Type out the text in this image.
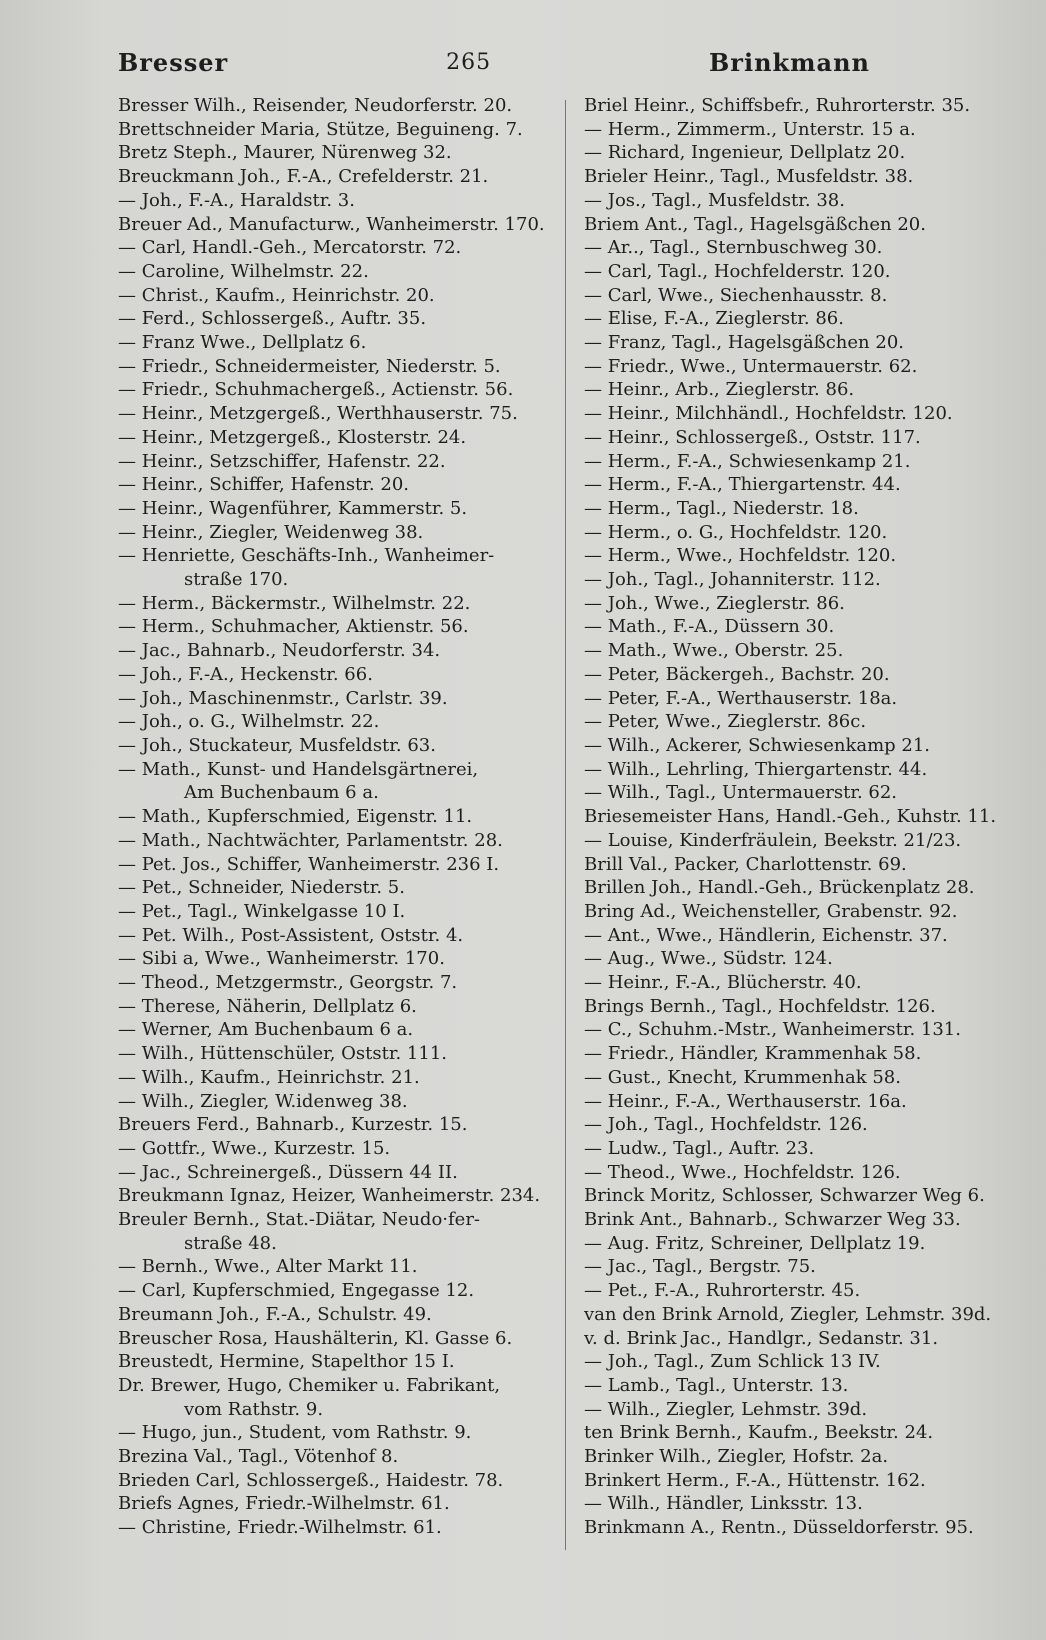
Bresser	265	Brinkmann
Bresser Wilh., Reisender, Neudorferstr. 20.
Brettschneider Maria, Stütze, Beguineng. 7.
Bretz Steph., Maurer, Nürenweg 32.
Breuckmann Joh., F.-A., Crefelderstr. 21.
— Joh., F.-A., Haraldstr. 3.
Breuer Ad., Manufacturw., Wanheimerstr. 170.
— Carl, Handl.-Geh., Mercatorstr. 72.
— Caroline, Wilhelmstr. 22.
— Christ., Kaufm., Heinrichstr. 20.
— Ferd., Schlossergeß., Auftr. 35.
— Franz Wwe., Dellplatz 6.
— Friedr., Schneidermeister, Niederstr. 5.
— Friedr., Schuhmachergeß., Actienstr. 56.
— Heinr., Metzgergeß., Werthhauserstr. 75.
— Heinr., Metzgergeß., Klosterstr. 24.
— Heinr., Setzschiffer, Hafenstr. 22.
— Heinr., Schiffer, Hafenstr. 20.
— Heinr., Wagenführer, Kammerstr. 5.
— Heinr., Ziegler, Weidenweg 38.
— Henriette, Geschäfts-Inh., Wanheimer-
straße 170.
— Herm., Bäckermstr., Wilhelmstr. 22.
— Herm., Schuhmacher, Aktienstr. 56.
— Jac., Bahnarb., Neudorferstr. 34.
— Joh., F.-A., Heckenstr. 66.
— Joh., Maschinenmstr., Carlstr. 39.
— Joh., o. G., Wilhelmstr. 22.
— Joh., Stuckateur, Musfeldstr. 63.
— Math., Kunst- und Handelsgärtnerei,
Am Buchenbaum 6 a.
— Math., Kupferschmied, Eigenstr. 11.
— Math., Nachtwächter, Parlamentstr. 28.
— Pet. Jos., Schiffer, Wanheimerstr. 236 I.
— Pet., Schneider, Niederstr. 5.
— Pet., Tagl., Winkelgasse 10 I.
— Pet. Wilh., Post-Assistent, Oststr. 4.
— Sibi a, Wwe., Wanheimerstr. 170.
— Theod., Metzgermstr., Georgstr. 7.
— Therese, Näherin, Dellplatz 6.
— Werner, Am Buchenbaum 6 a.
— Wilh., Hüttenschüler, Oststr. 111.
— Wilh., Kaufm., Heinrichstr. 21.
— Wilh., Ziegler, W.idenweg 38.
Breuers Ferd., Bahnarb., Kurzestr. 15.
— Gottfr., Wwe., Kurzestr. 15.
— Jac., Schreinergeß., Düssern 44 II.
Breukmann Ignaz, Heizer, Wanheimerstr. 234.
Breuler Bernh., Stat.-Diätar, Neudo·fer-
straße 48.
— Bernh., Wwe., Alter Markt 11.
— Carl, Kupferschmied, Engegasse 12.
Breumann Joh., F.-A., Schulstr. 49.
Breuscher Rosa, Haushälterin, Kl. Gasse 6.
Breustedt, Hermine, Stapelthor 15 I.
Dr. Brewer, Hugo, Chemiker u. Fabrikant,
vom Rathstr. 9.
— Hugo, jun., Student, vom Rathstr. 9.
Brezina Val., Tagl., Vötenhof 8.
Brieden Carl, Schlossergeß., Haidestr. 78.
Briefs Agnes, Friedr.-Wilhelmstr. 61.
— Christine, Friedr.-Wilhelmstr. 61.
Briel Heinr., Schiffsbefr., Ruhrorterstr. 35.
— Herm., Zimmerm., Unterstr. 15 a.
— Richard, Ingenieur, Dellplatz 20.
Brieler Heinr., Tagl., Musfeldstr. 38.
— Jos., Tagl., Musfeldstr. 38.
Briem Ant., Tagl., Hagelsgäßchen 20.
— Ar.., Tagl., Sternbuschweg 30.
— Carl, Tagl., Hochfelderstr. 120.
— Carl, Wwe., Siechenhausstr. 8.
— Elise, F.-A., Zieglerstr. 86.
— Franz, Tagl., Hagelsgäßchen 20.
— Friedr., Wwe., Untermauerstr. 62.
— Heinr., Arb., Zieglerstr. 86.
— Heinr., Milchhändl., Hochfeldstr. 120.
— Heinr., Schlossergeß., Oststr. 117.
— Herm., F.-A., Schwiesenkamp 21.
— Herm., F.-A., Thiergartenstr. 44.
— Herm., Tagl., Niederstr. 18.
— Herm., o. G., Hochfeldstr. 120.
— Herm., Wwe., Hochfeldstr. 120.
— Joh., Tagl., Johanniterstr. 112.
— Joh., Wwe., Zieglerstr. 86.
— Math., F.-A., Düssern 30.
— Math., Wwe., Oberstr. 25.
— Peter, Bäckergeh., Bachstr. 20.
— Peter, F.-A., Werthauserstr. 18a.
— Peter, Wwe., Zieglerstr. 86c.
— Wilh., Ackerer, Schwiesenkamp 21.
— Wilh., Lehrling, Thiergartenstr. 44.
— Wilh., Tagl., Untermauerstr. 62.
Briesemeister Hans, Handl.-Geh., Kuhstr. 11.
— Louise, Kinderfräulein, Beekstr. 21/23.
Brill Val., Packer, Charlottenstr. 69.
Brillen Joh., Handl.-Geh., Brückenplatz 28.
Bring Ad., Weichensteller, Grabenstr. 92.
— Ant., Wwe., Händlerin, Eichenstr. 37.
— Aug., Wwe., Südstr. 124.
— Heinr., F.-A., Blücherstr. 40.
Brings Bernh., Tagl., Hochfeldstr. 126.
— C., Schuhm.-Mstr., Wanheimerstr. 131.
— Friedr., Händler, Krammenhak 58.
— Gust., Knecht, Krummenhak 58.
— Heinr., F.-A., Werthauserstr. 16a.
— Joh., Tagl., Hochfeldstr. 126.
— Ludw., Tagl., Auftr. 23.
— Theod., Wwe., Hochfeldstr. 126.
Brinck Moritz, Schlosser, Schwarzer Weg 6.
Brink Ant., Bahnarb., Schwarzer Weg 33.
— Aug. Fritz, Schreiner, Dellplatz 19.
— Jac., Tagl., Bergstr. 75.
— Pet., F.-A., Ruhrorterstr. 45.
van den Brink Arnold, Ziegler, Lehmstr. 39d.
v. d. Brink Jac., Handlgr., Sedanstr. 31.
— Joh., Tagl., Zum Schlick 13 IV.
— Lamb., Tagl., Unterstr. 13.
— Wilh., Ziegler, Lehmstr. 39d.
ten Brink Bernh., Kaufm., Beekstr. 24.
Brinker Wilh., Ziegler, Hofstr. 2a.
Brinkert Herm., F.-A., Hüttenstr. 162.
— Wilh., Händler, Linksstr. 13.
Brinkmann A., Rentn., Düsseldorferstr. 95.
